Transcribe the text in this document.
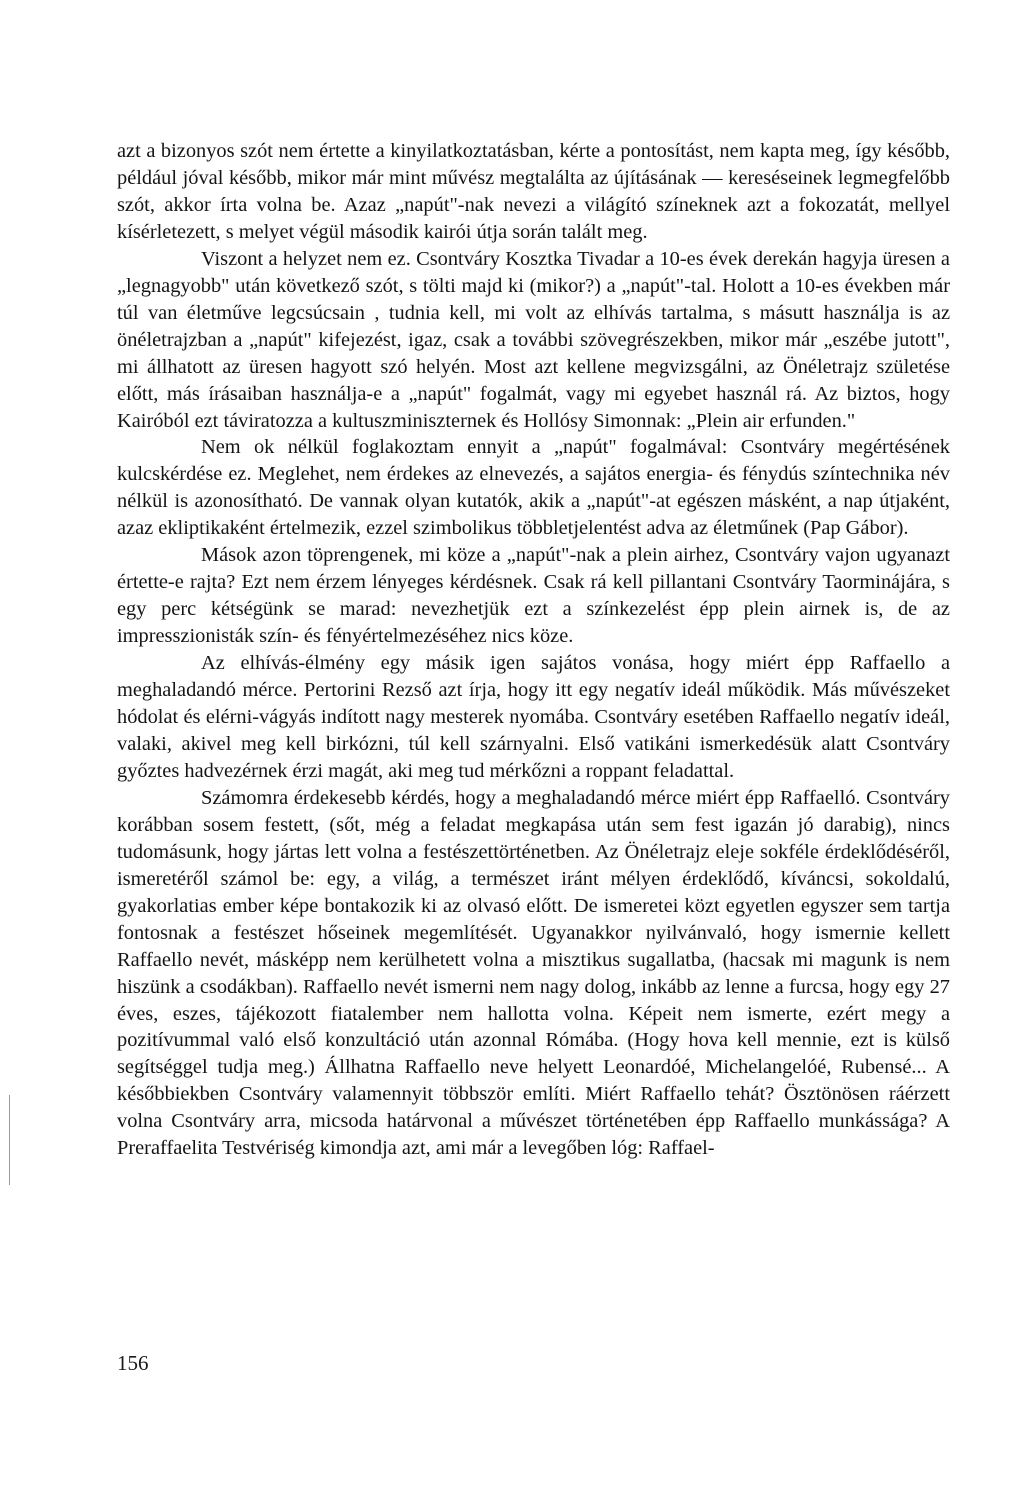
azt a bizonyos szót nem értette a kinyilatkoztatásban, kérte a pontosítást, nem kapta meg, így később, például jóval később, mikor már mint művész megtalálta az újításának — kereséseinek legmegfelőbb szót, akkor írta volna be. Azaz „napút"-nak nevezi a világító színeknek azt a fokozatát, mellyel kísérletezett, s melyet végül második kairói útja során talált meg.

Viszont a helyzet nem ez. Csontváry Kosztka Tivadar a 10-es évek derekán hagyja üresen a „legnagyobb" után következő szót, s tölti majd ki (mikor?) a „napút"-tal. Holott a 10-es években már túl van életműve legcsúcsain , tudnia kell, mi volt az elhívás tartalma, s másutt használja is az önéletrajzban a „napút" kifejezést, igaz, csak a további szövegrészekben, mikor már „eszébe jutott", mi állhatott az üresen hagyott szó helyén. Most azt kellene megvizsgálni, az Önéletrajz születése előtt, más írásaiban használja-e a „napút" fogalmát, vagy mi egyebet használ rá. Az biztos, hogy Kairóból ezt táviratozza a kultuszminiszternek és Hollósy Simonnak: „Plein air erfunden."

Nem ok nélkül foglakoztam ennyit a „napút" fogalmával: Csontváry megértésének kulcskérdése ez. Meglehet, nem érdekes az elnevezés, a sajátos energia- és fénydús színtechnika név nélkül is azonosítható. De vannak olyan kutatók, akik a „napút"-at egészen másként, a nap útjaként, azaz ekliptikaként értelmezik, ezzel szimbolikus többletjelentést adva az életműnek (Pap Gábor).

Mások azon töprengenek, mi köze a „napút"-nak a plein airhez, Csontváry vajon ugyanazt értette-e rajta? Ezt nem érzem lényeges kérdésnek. Csak rá kell pillantani Csontváry Taorminájára, s egy perc kétségünk se marad: nevezhetjük ezt a színkezelést épp plein airnek is, de az impresszionisták szín- és fényértelmezéséhez nics köze.

Az elhívás-élmény egy másik igen sajátos vonása, hogy miért épp Raffaello a meghaladandó mérce. Pertorini Rezső azt írja, hogy itt egy negatív ideál működik. Más művészeket hódolat és elérni-vágyás indított nagy mesterek nyomába. Csontváry esetében Raffaello negatív ideál, valaki, akivel meg kell birkózni, túl kell szárnyalni. Első vatikáni ismerkedésük alatt Csontváry győztes hadvezérnek érzi magát, aki meg tud mérkőzni a roppant feladattal.

Számomra érdekesebb kérdés, hogy a meghaladandó mérce miért épp Raffaelló. Csontváry korábban sosem festett, (sőt, még a feladat megkapása után sem fest igazán jó darabig), nincs tudomásunk, hogy jártas lett volna a festészettörténetben. Az Önéletrajz eleje sokféle érdeklődéséről, ismeretéről számol be: egy, a világ, a természet iránt mélyen érdeklődő, kíváncsi, sokoldalú, gyakorlatias ember képe bontakozik ki az olvasó előtt. De ismeretei közt egyetlen egyszer sem tartja fontosnak a festészet hőseinek megemlítését. Ugyanakkor nyilvánvaló, hogy ismernie kellett Raffaello nevét, másképp nem kerülhetett volna a misztikus sugallatba, (hacsak mi magunk is nem hiszünk a csodákban). Raffaello nevét ismerni nem nagy dolog, inkább az lenne a furcsa, hogy egy 27 éves, eszes, tájékozott fiatalember nem hallotta volna. Képeit nem ismerte, ezért megy a pozitívummal való első konzultáció után azonnal Rómába. (Hogy hova kell mennie, ezt is külső segítséggel tudja meg.) Állhatna Raffaello neve helyett Leonardóé, Michelangelóé, Rubensé... A későbbiekben Csontváry valamennyit többször említi. Miért Raffaello tehát? Ösztönösen ráérzett volna Csontváry arra, micsoda határvonal a művészet történetében épp Raffaello munkássága? A Preraffaelita Testvériség kimondja azt, ami már a levegőben lóg: Raffael-

156
